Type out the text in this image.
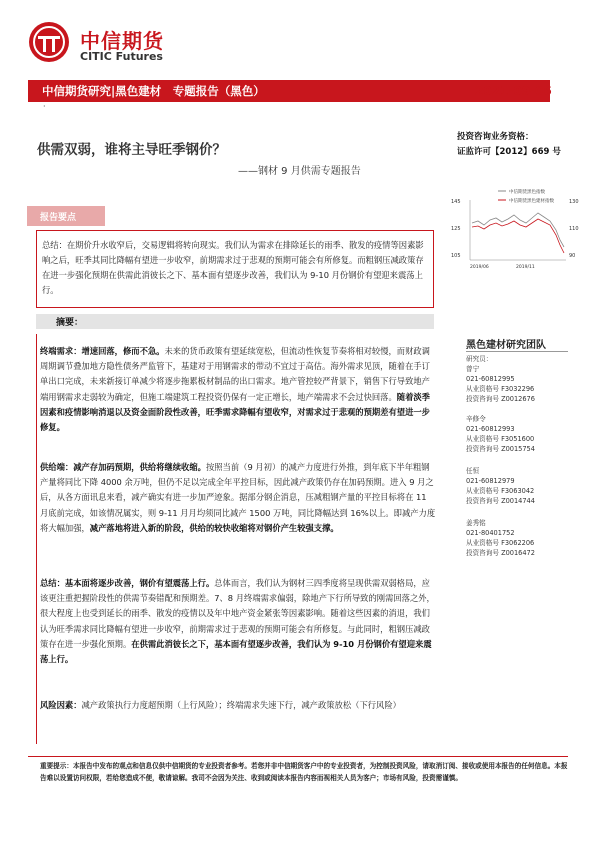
中信期货
CITIC Futures
中信期货研究|黑色建材　专题报告（黑色）	2021-09-06
·
供需双弱，谁将主导旺季钢价？
——钢材 9 月供需专题报告
投资咨询业务资格：
证监许可【2012】669 号
报告要点

总结：在期价升水收窄后，交易逻辑将转向现实。我们认为需求在排除延长的雨季、散发的疫情等因素影响之后，旺季其同比降幅有望进一步收窄，前期需求过于悲观的预期可能会有所修复。而粗钢压减政策存在进一步强化预期在供需此消彼长之下、基本面有望逐步改善，我们认为 9-10 月份钢价有望迎来震荡上行。

中信期货黑色指数
中信期货黑色建材指数
145
125
105
130
110
90
2019/06	2019/11
摘要：

终端需求：增速回落，修而不急。未来的货币政策有望延续宽松，但流动性恢复节奏将相对较慢，而财政调周期调节叠加地方隐性债务严监管下，基建对于用钢需求的带动不宜过于高估。海外需求见顶，随着在手订单出口完成，未来新接订单减少将逐步拖累板材制品的出口需求。地产管控较严背景下，销售下行导致地产端用钢需求走弱较为确定，但施工端建筑工程投资仍保有一定正增长，地产端需求不会过快回落。随着淡季因素和疫情影响消退以及资金面阶段性改善，旺季需求降幅有望收窄，对需求过于悲观的预期差有望进一步修复。

供给端：减产存加码预期，供给将继续收缩。按照当前（9 月初）的减产力度进行外推，到年底下半年粗钢产量将同比下降 4000 余万吨，但仍不足以完成全年平控目标，因此减产政策仍存在加码预期。进入 9 月之后，从各方面讯息来看，减产确实有进一步加严迹象。据部分钢企消息，压减粗钢产量的平控目标将在 11 月底前完成，如该情况属实，则 9-11 月月均须同比减产 1500 万吨，同比降幅达到 16%以上。即减产力度将大幅加强，减产落地将进入新的阶段，供给的较快收缩将对钢价产生较强支撑。

总结：基本面将逐步改善，钢价有望震荡上行。总体而言，我们认为钢材三四季度将呈现供需双弱格局，应该更注重把握阶段性的供需节奏错配和预期差。7、8 月终端需求偏弱，除地产下行所导致的刚需回落之外，很大程度上也受到延长的雨季、散发的疫情以及年中地产资金紧张等因素影响。随着这些因素的消退，我们认为旺季需求同比降幅有望进一步收窄，前期需求过于悲观的预期可能会有所修复。与此同时，粗钢压减政策存在进一步强化预期。在供需此消彼长之下，基本面有望逐步改善，我们认为 9-10 月份钢价有望迎来震荡上行。

风险因素：减产政策执行力度超预期（上行风险）；终端需求失速下行，减产政策放松（下行风险）

黑色建材研究团队
研究员：
曾宁
021-60812995
从业资格号 F3032296
投资咨询号 Z0012676
辛修令
021-60812993
从业资格号 F3051600
投资咨询号 Z0015754
任恒
021-60812979
从业资格号 F3063042
投资咨询号 Z0014744
姜秀铭
021-80401752
从业资格号 F3062206
投资咨询号 Z0016472
重要提示：本报告中发布的观点和信息仅供中信期货的专业投资者参考。若您并非中信期货客户中的专业投资者，为控制投资风险，请取消订阅、接收或使用本报告的任何信息。本报告难以设置访问权限，若给您造成不便，敬请谅解。我司不会因为关注、收到或阅读本报告内容而视相关人员为客户；市场有风险，投资需谨慎。
